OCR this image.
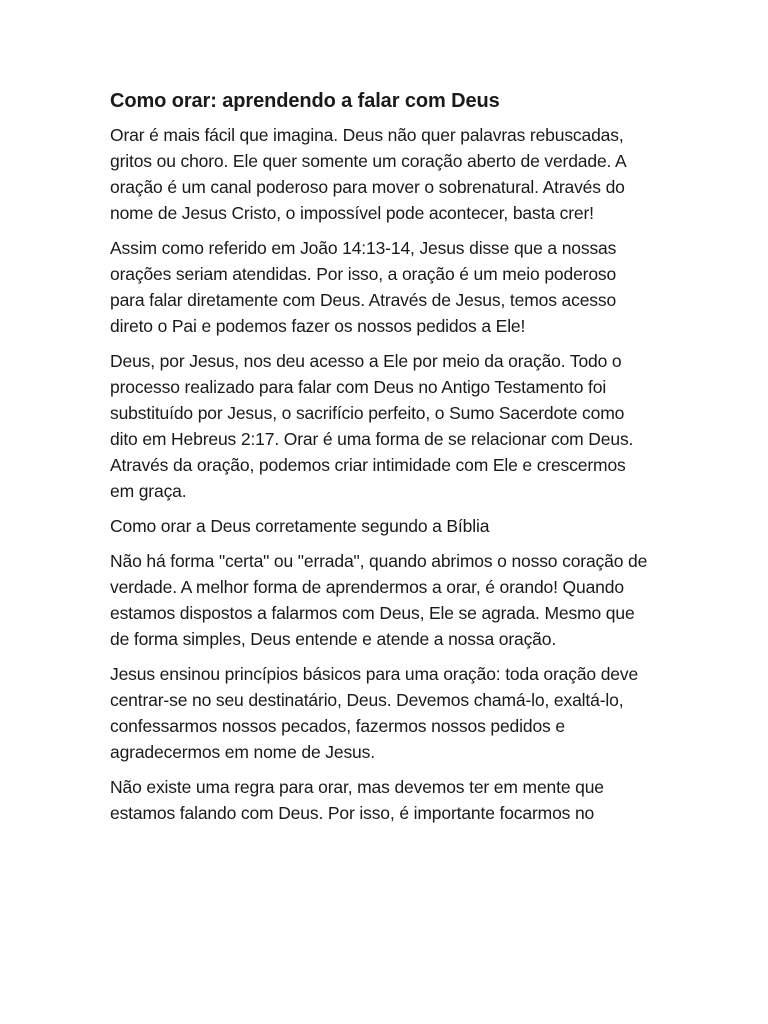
Como orar: aprendendo a falar com Deus

Orar é mais fácil que imagina. Deus não quer palavras rebuscadas, gritos ou choro. Ele quer somente um coração aberto de verdade. A oração é um canal poderoso para mover o sobrenatural. Através do nome de Jesus Cristo, o impossível pode acontecer, basta crer!

Assim como referido em João 14:13-14, Jesus disse que a nossas orações seriam atendidas. Por isso, a oração é um meio poderoso para falar diretamente com Deus. Através de Jesus, temos acesso direto o Pai e podemos fazer os nossos pedidos a Ele!

Deus, por Jesus, nos deu acesso a Ele por meio da oração. Todo o processo realizado para falar com Deus no Antigo Testamento foi substituído por Jesus, o sacrifício perfeito, o Sumo Sacerdote como dito em Hebreus 2:17. Orar é uma forma de se relacionar com Deus. Através da oração, podemos criar intimidade com Ele e crescermos em graça.

Como orar a Deus corretamente segundo a Bíblia

Não há forma "certa" ou "errada", quando abrimos o nosso coração de verdade. A melhor forma de aprendermos a orar, é orando! Quando estamos dispostos a falarmos com Deus, Ele se agrada. Mesmo que de forma simples, Deus entende e atende a nossa oração.

Jesus ensinou princípios básicos para uma oração: toda oração deve centrar-se no seu destinatário, Deus. Devemos chamá-lo, exaltá-lo, confessarmos nossos pecados, fazermos nossos pedidos e agradecermos em nome de Jesus.

Não existe uma regra para orar, mas devemos ter em mente que estamos falando com Deus. Por isso, é importante focarmos no
